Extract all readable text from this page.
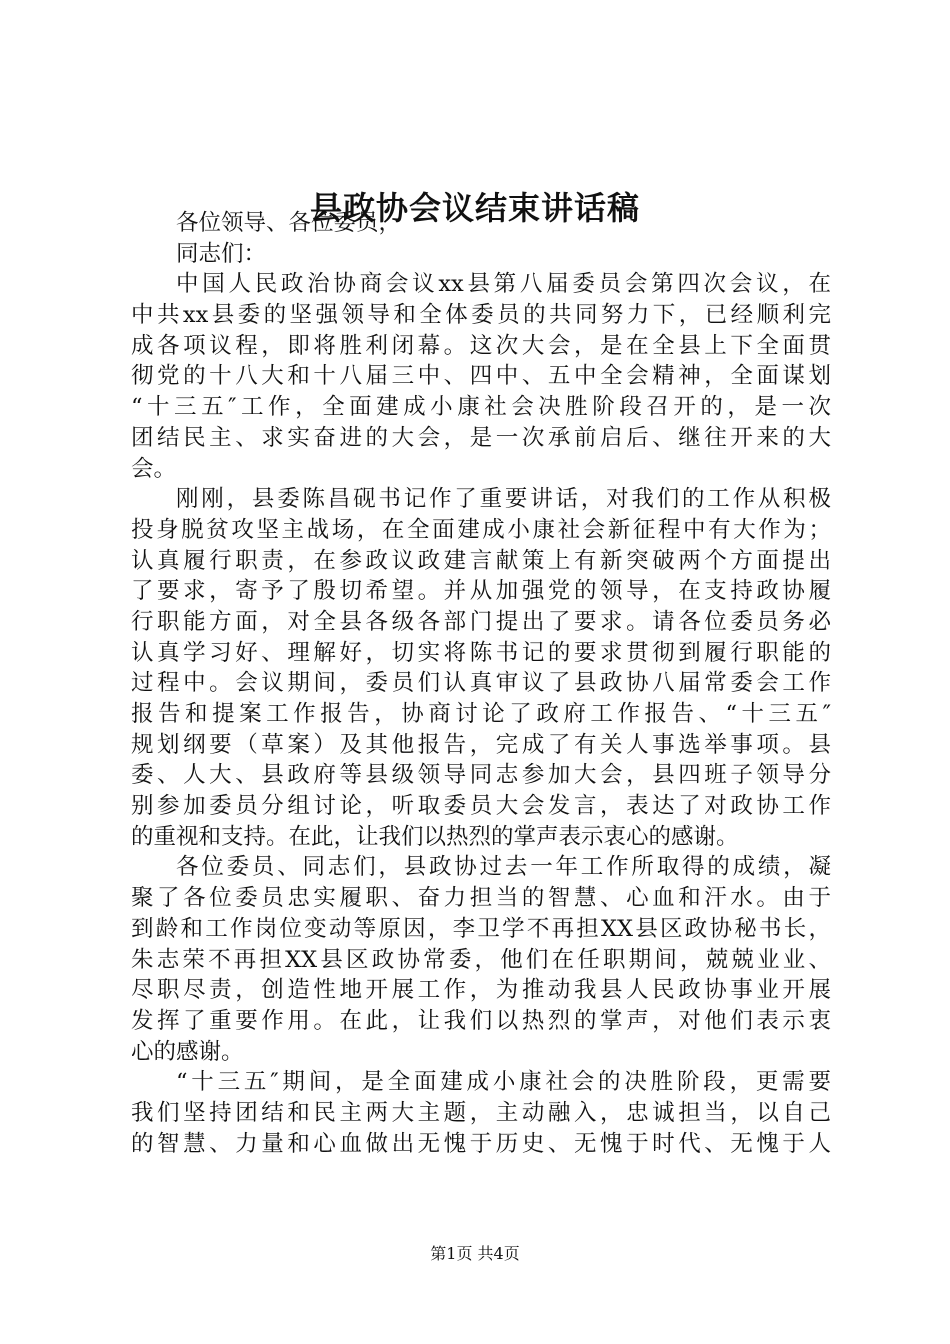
县政协会议结束讲话稿
各位领导、各位委员，
同志们：
中国人民政治协商会议xx县第八届委员会第四次会议，在
中共xx县委的坚强领导和全体委员的共同努力下，已经顺利完
成各项议程，即将胜利闭幕。这次大会，是在全县上下全面贯
彻党的十八大和十八届三中、四中、五中全会精神，全面谋划
“十三五″工作，全面建成小康社会决胜阶段召开的，是一次
团结民主、求实奋进的大会，是一次承前启后、继往开来的大
会。
刚刚，县委陈昌砚书记作了重要讲话，对我们的工作从积极
投身脱贫攻坚主战场，在全面建成小康社会新征程中有大作为；
认真履行职责，在参政议政建言献策上有新突破两个方面提出
了要求，寄予了殷切希望。并从加强党的领导，在支持政协履
行职能方面，对全县各级各部门提出了要求。请各位委员务必
认真学习好、理解好，切实将陈书记的要求贯彻到履行职能的
过程中。会议期间，委员们认真审议了县政协八届常委会工作
报告和提案工作报告，协商讨论了政府工作报告、“十三五″
规划纲要（草案）及其他报告，完成了有关人事选举事项。县
委、人大、县政府等县级领导同志参加大会，县四班子领导分
别参加委员分组讨论，听取委员大会发言，表达了对政协工作
的重视和支持。在此，让我们以热烈的掌声表示衷心的感谢。
各位委员、同志们，县政协过去一年工作所取得的成绩，凝
聚了各位委员忠实履职、奋力担当的智慧、心血和汗水。由于
到龄和工作岗位变动等原因，李卫学不再担XX县区政协秘书长，
朱志荣不再担XX县区政协常委，他们在任职期间，兢兢业业、
尽职尽责，创造性地开展工作，为推动我县人民政协事业开展
发挥了重要作用。在此，让我们以热烈的掌声，对他们表示衷
心的感谢。
“十三五″期间，是全面建成小康社会的决胜阶段，更需要
我们坚持团结和民主两大主题，主动融入，忠诚担当，以自己
的智慧、力量和心血做出无愧于历史、无愧于时代、无愧于人
第1页 共4页
